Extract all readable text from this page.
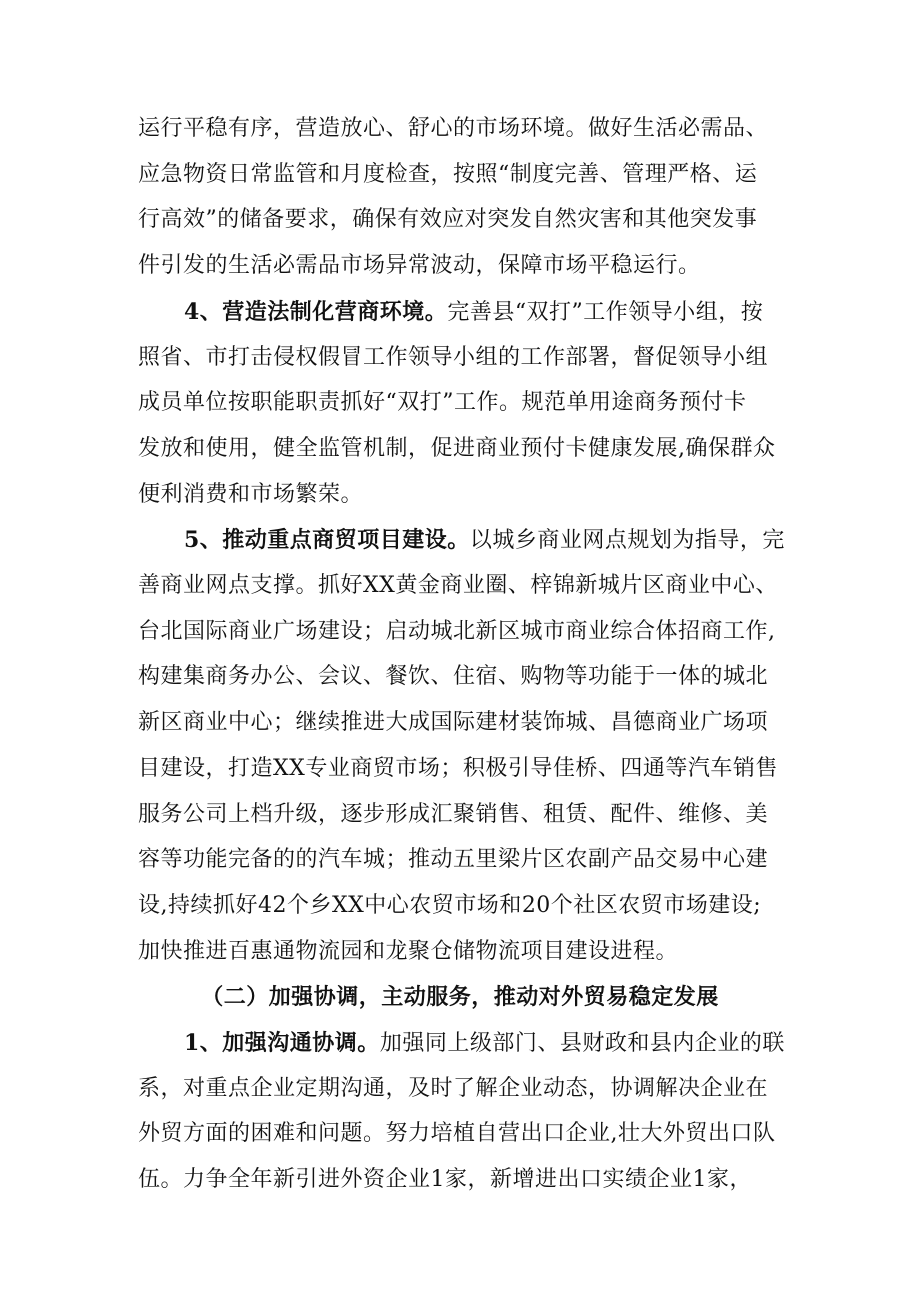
运行平稳有序，营造放心、舒心的市场环境。做好生活必需品、
应急物资日常监管和月度检查，按照“制度完善、管理严格、运
行高效”的储备要求，确保有效应对突发自然灾害和其他突发事
件引发的生活必需品市场异常波动，保障市场平稳运行。
4、营造法制化营商环境。完善县“双打”工作领导小组，按
照省、市打击侵权假冒工作领导小组的工作部署，督促领导小组
成员单位按职能职责抓好“双打”工作。规范单用途商务预付卡
发放和使用，健全监管机制，促进商业预付卡健康发展,确保群众
便利消费和市场繁荣。
5、推动重点商贸项目建设。以城乡商业网点规划为指导，完
善商业网点支撑。抓好XX黄金商业圈、梓锦新城片区商业中心、
台北国际商业广场建设；启动城北新区城市商业综合体招商工作,
构建集商务办公、会议、餐饮、住宿、购物等功能于一体的城北
新区商业中心；继续推进大成国际建材装饰城、昌德商业广场项
目建设，打造XX专业商贸市场；积极引导佳桥、四通等汽车销售
服务公司上档升级，逐步形成汇聚销售、租赁、配件、维修、美
容等功能完备的的汽车城；推动五里梁片区农副产品交易中心建
设,持续抓好42个乡XX中心农贸市场和20个社区农贸市场建设;
加快推进百惠通物流园和龙聚仓储物流项目建设进程。
（二）加强协调，主动服务，推动对外贸易稳定发展
1、加强沟通协调。加强同上级部门、县财政和县内企业的联
系，对重点企业定期沟通，及时了解企业动态，协调解决企业在
外贸方面的困难和问题。努力培植自营出口企业,壮大外贸出口队
伍。力争全年新引进外资企业1家，新增进出口实绩企业1家，
